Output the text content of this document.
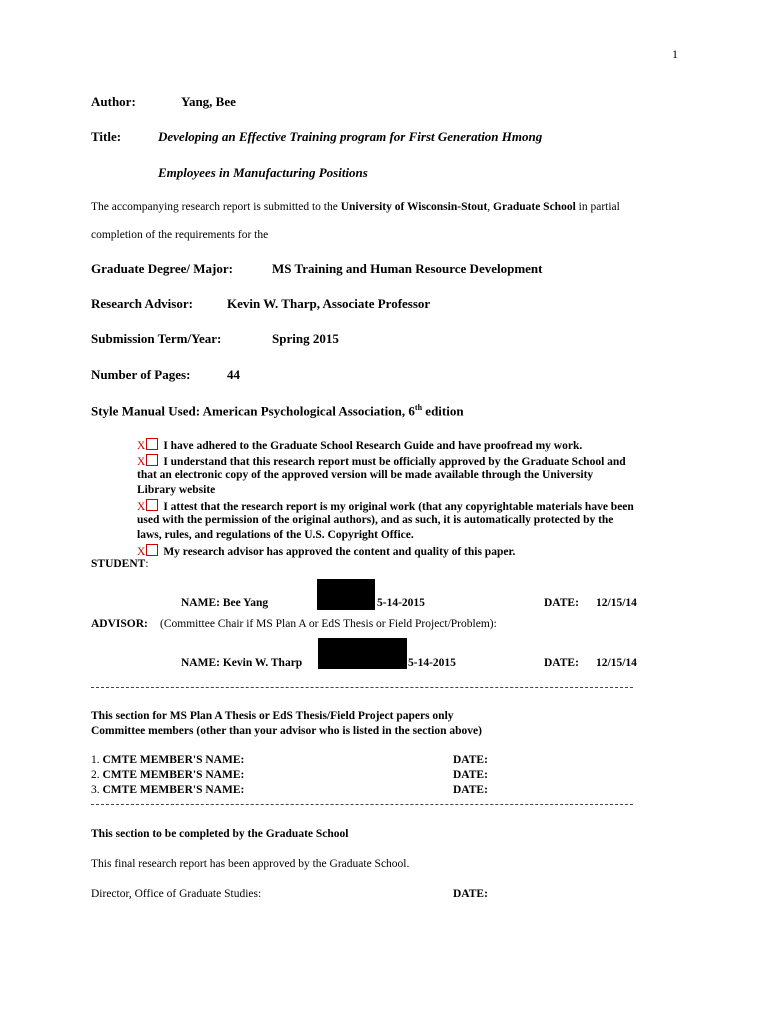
1
Author:	Yang, Bee
Title:	Developing an Effective Training program for First Generation Hmong
Employees in Manufacturing Positions
The accompanying research report is submitted to the University of Wisconsin-Stout, Graduate School in partial
completion of the requirements for the
Graduate Degree/ Major:	MS Training and Human Resource Development
Research Advisor:	Kevin W. Tharp, Associate Professor
Submission Term/Year:	Spring 2015
Number of Pages:	44
Style Manual Used: American Psychological Association, 6th edition
X I have adhered to the Graduate School Research Guide and have proofread my work.
X I understand that this research report must be officially approved by the Graduate School and
that an electronic copy of the approved version will be made available through the University
Library website
X I attest that the research report is my original work (that any copyrightable materials have been
used with the permission of the original authors), and as such, it is automatically protected by the
laws, rules, and regulations of the U.S. Copyright Office.
X My research advisor has approved the content and quality of this paper.
STUDENT:
NAME: Bee Yang	5-14-2015	DATE: 12/15/14
ADVISOR: (Committee Chair if MS Plan A or EdS Thesis or Field Project/Problem):
NAME: Kevin W. Tharp	5-14-2015	DATE: 12/15/14
This section for MS Plan A Thesis or EdS Thesis/Field Project papers only
Committee members (other than your advisor who is listed in the section above)
1. CMTE MEMBER'S NAME:	DATE:
2. CMTE MEMBER'S NAME:	DATE:
3. CMTE MEMBER'S NAME:	DATE:
This section to be completed by the Graduate School
This final research report has been approved by the Graduate School.
Director, Office of Graduate Studies:	DATE:
